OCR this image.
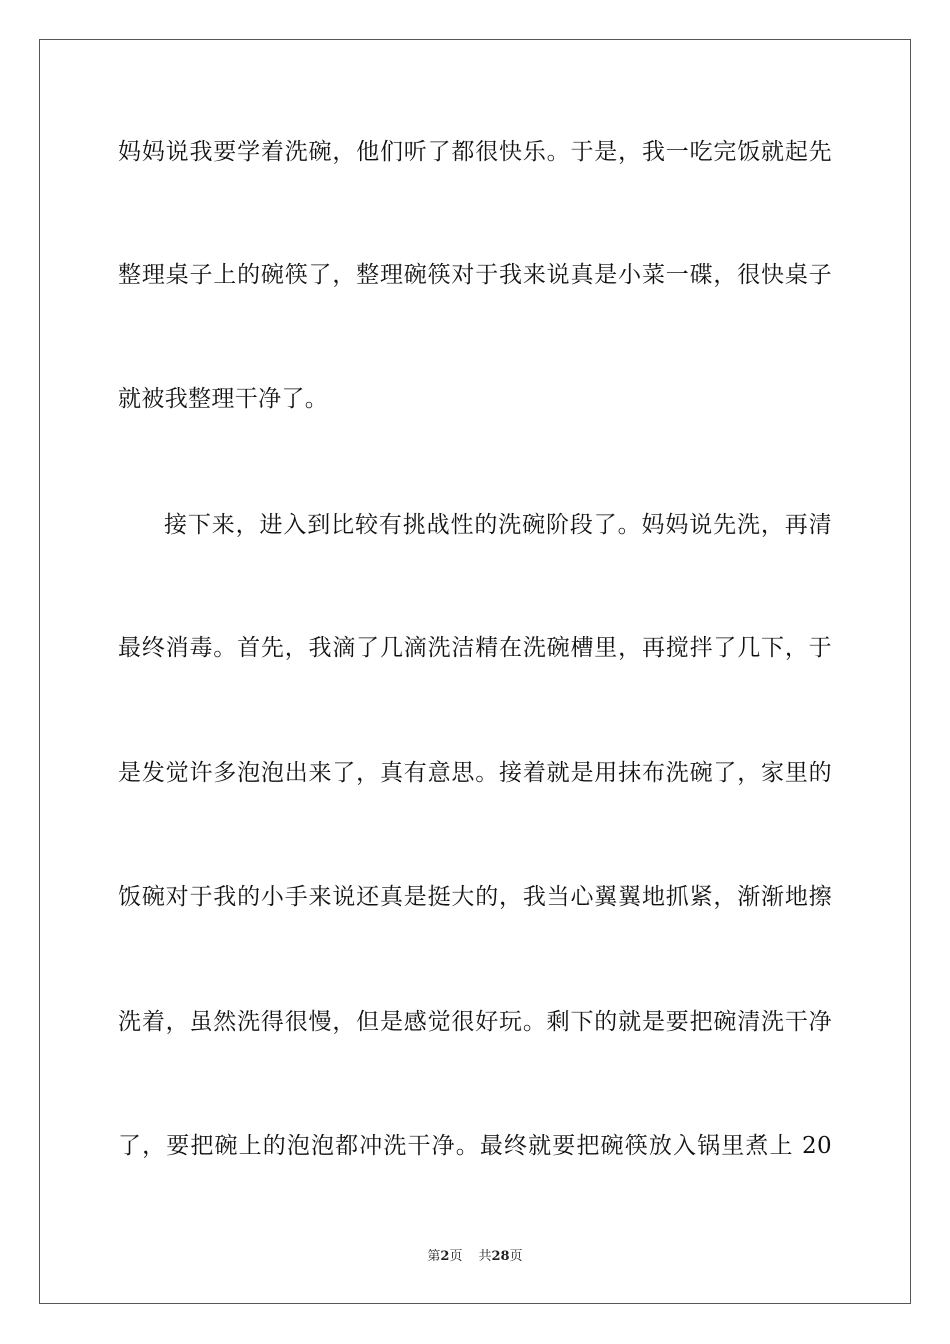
妈妈说我要学着洗碗，他们听了都很快乐。于是，我一吃完饭就起先
整理桌子上的碗筷了，整理碗筷对于我来说真是小菜一碟，很快桌子
就被我整理干净了。
接下来，进入到比较有挑战性的洗碗阶段了。妈妈说先洗，再清
最终消毒。首先，我滴了几滴洗洁精在洗碗槽里，再搅拌了几下，于
是发觉许多泡泡出来了，真有意思。接着就是用抹布洗碗了，家里的
饭碗对于我的小手来说还真是挺大的，我当心翼翼地抓紧，渐渐地擦
洗着，虽然洗得很慢，但是感觉很好玩。剩下的就是要把碗清洗干净
了，要把碗上的泡泡都冲洗干净。最终就要把碗筷放入锅里煮上 20
第2页 共28页
